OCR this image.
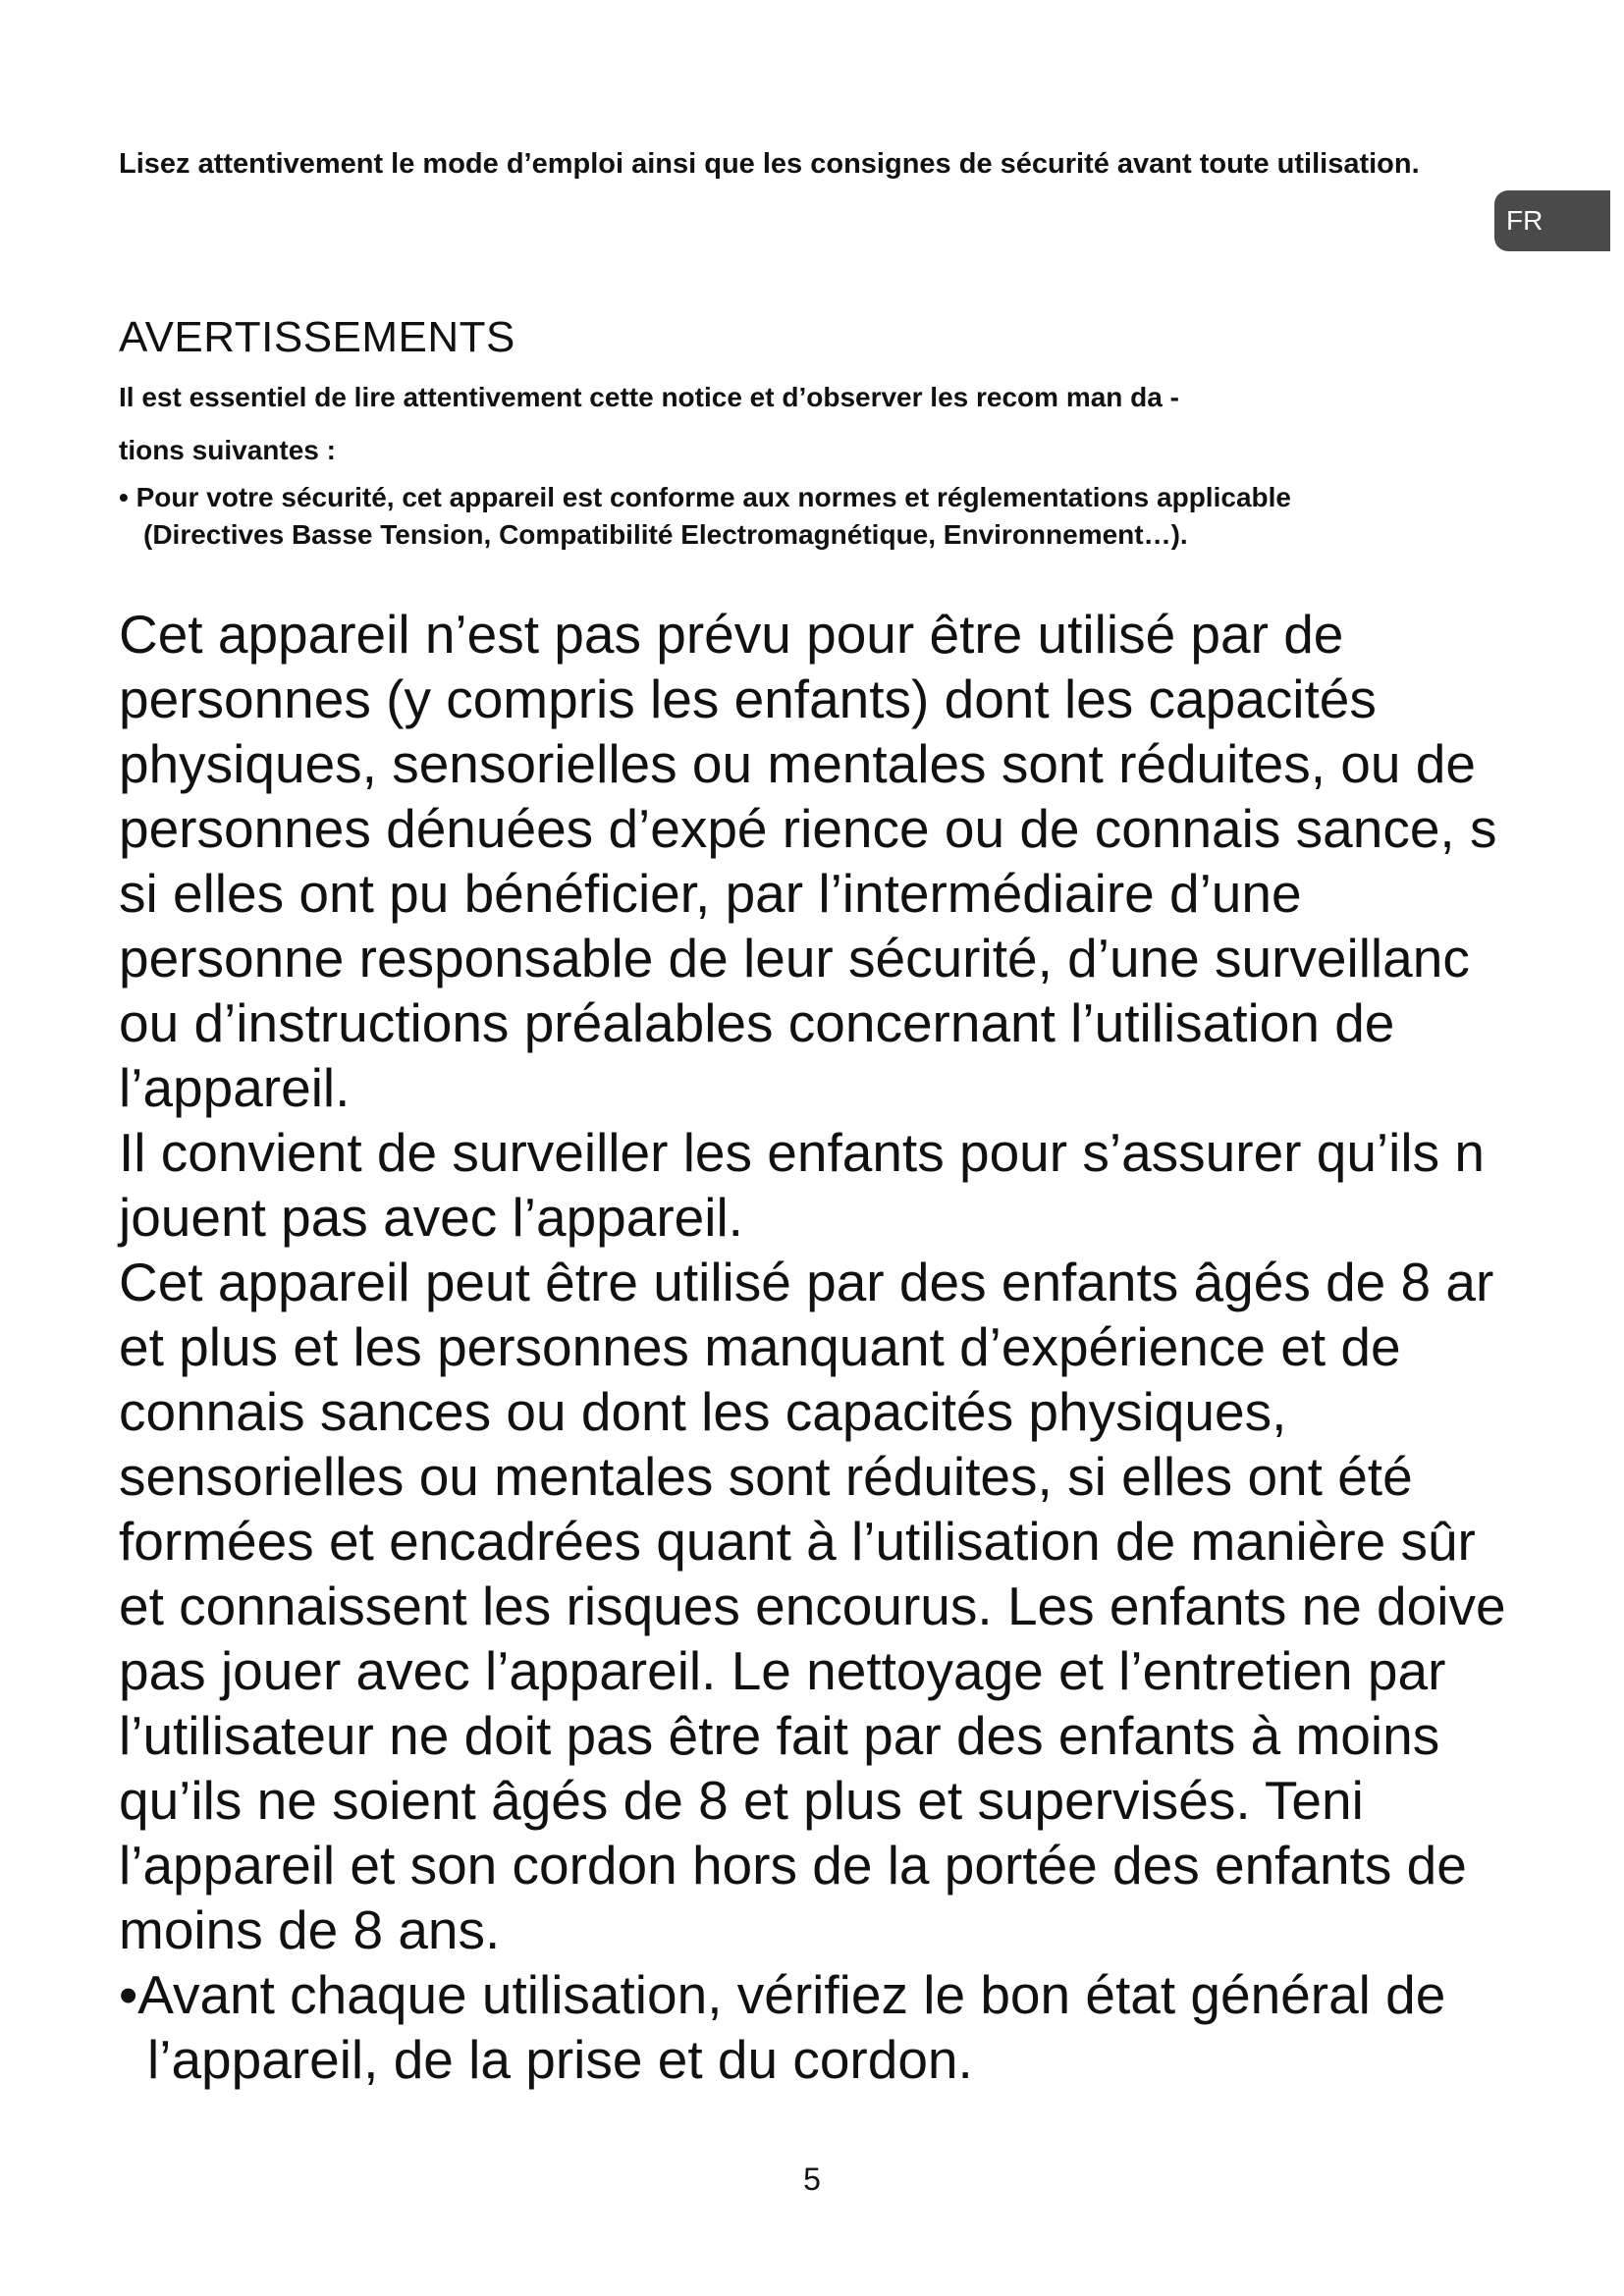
Lisez attentivement le mode d’emploi ainsi que les consignes de sécurité avant toute utilisation.

FR
AVERTISSEMENTS

Il est essentiel de lire attentivement cette notice et d’observer les recom man da -

tions suivantes :

• Pour votre sécurité, cet appareil est conforme aux normes et réglementations applicable

(Directives Basse Tension, Compatibilité Electromagnétique, Environnement…).

Cet appareil n’est pas prévu pour être utilisé par de

personnes (y compris les enfants) dont les capacités

physiques, sensorielles ou mentales sont réduites, ou de

personnes dénuées d’expé rience ou de connais sance, s

si elles ont pu bénéficier, par l’intermédiaire d’une

personne responsable de leur sécurité, d’une surveillanc

ou d’instructions préalables concernant l’utilisation de

l’appareil.

Il convient de surveiller les enfants pour s’assurer qu’ils n

jouent pas avec l’appareil.

Cet appareil peut être utilisé par des enfants âgés de 8 ar

et plus et les personnes manquant d’expérience et de

connais sances ou dont les capacités physiques,

sensorielles ou mentales sont réduites, si elles ont été

formées et encadrées quant à l’utilisation de manière sûr

et connaissent les risques encourus. Les enfants ne doive

pas jouer avec l’appareil. Le nettoyage et l’entretien par

l’utilisateur ne doit pas être fait par des enfants à moins

qu’ils ne soient âgés de 8 et plus et supervisés. Teni

l’appareil et son cordon hors de la portée des enfants de

moins de 8 ans.

•Avant chaque utilisation, vérifiez le bon état général de

l’appareil, de la prise et du cordon.

5
